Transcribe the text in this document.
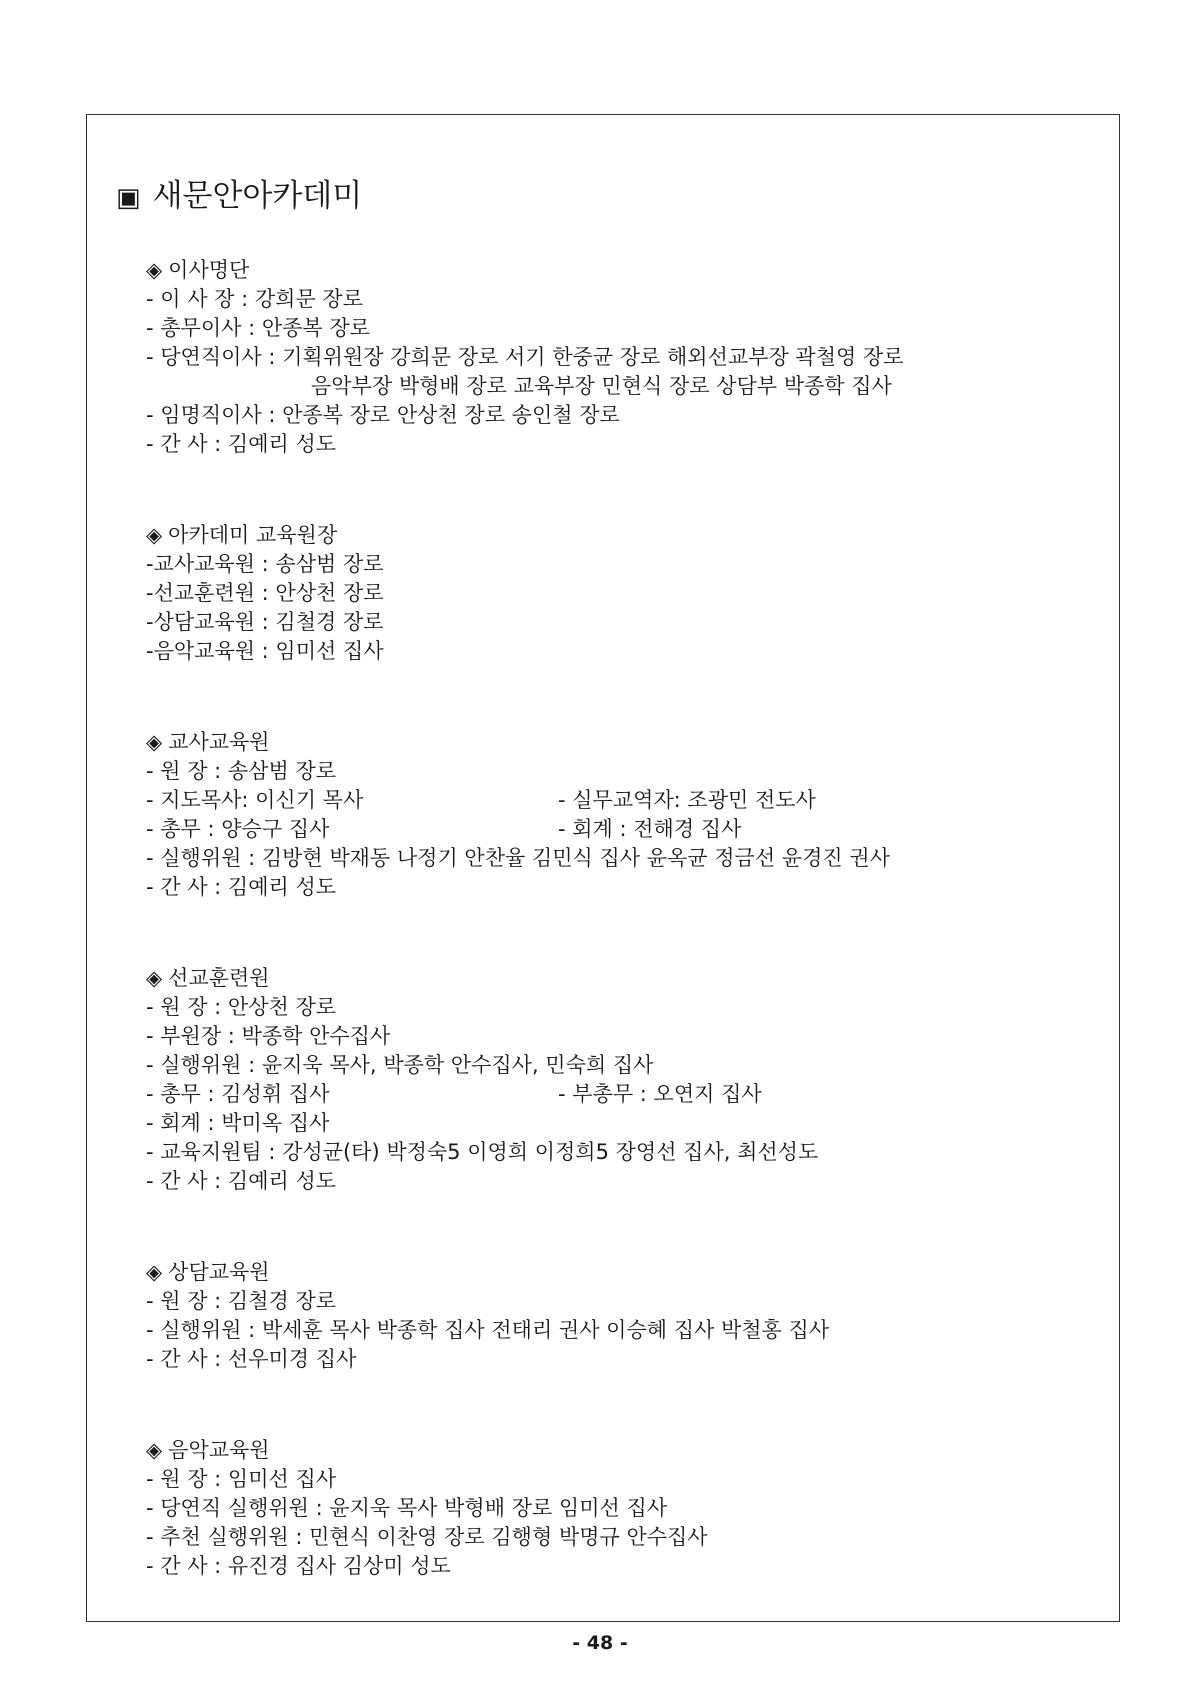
▣ 새문안아카데미
◈ 이사명단
- 이 사 장 : 강희문 장로
- 총무이사 : 안종복 장로
- 당연직이사 : 기획위원장 강희문 장로 서기 한중균 장로 해외선교부장 곽철영 장로
음악부장 박형배 장로 교육부장 민현식 장로 상담부 박종학 집사
- 임명직이사 : 안종복 장로 안상천 장로 송인철 장로
- 간 사 : 김예리 성도
◈ 아카데미 교육원장
-교사교육원 : 송삼범 장로
-선교훈련원 : 안상천 장로
-상담교육원 : 김철경 장로
-음악교육원 : 임미선 집사
◈ 교사교육원
- 원 장 : 송삼범 장로
- 지도목사: 이신기 목사	- 실무교역자: 조광민 전도사
- 총무 : 양승구 집사	- 회계 : 전해경 집사
- 실행위원 : 김방현 박재동 나정기 안찬율 김민식 집사 윤옥균 정금선 윤경진 권사
- 간 사 : 김예리 성도
◈ 선교훈련원
- 원 장 : 안상천 장로
- 부원장 : 박종학 안수집사
- 실행위원 : 윤지욱 목사, 박종학 안수집사, 민숙희 집사
- 총무 : 김성휘 집사	- 부총무 : 오연지 집사
- 회계 : 박미옥 집사
- 교육지원팀 : 강성균(타) 박정숙5 이영희 이정희5 장영선 집사, 최선성도
- 간 사 : 김예리 성도
◈ 상담교육원
- 원 장 : 김철경 장로
- 실행위원 : 박세훈 목사 박종학 집사 전태리 권사 이승혜 집사 박철홍 집사
- 간 사 : 선우미경 집사
◈ 음악교육원
- 원 장 : 임미선 집사
- 당연직 실행위원 : 윤지욱 목사 박형배 장로 임미선 집사
- 추천 실행위원 : 민현식 이찬영 장로 김행형 박명규 안수집사
- 간 사 : 유진경 집사 김상미 성도
- 48 -
